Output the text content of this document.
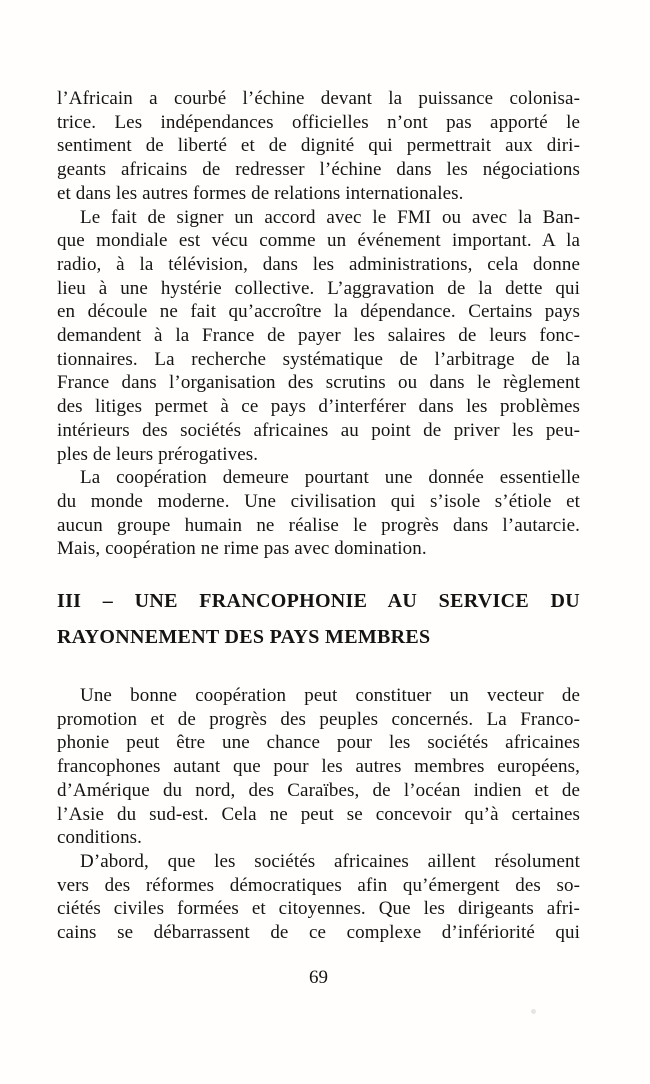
l’Africain a courbé l’échine devant la puissance colonisa-
trice. Les indépendances officielles n’ont pas apporté le
sentiment de liberté et de dignité qui permettrait aux diri-
geants africains de redresser l’échine dans les négociations
et dans les autres formes de relations internationales.

Le fait de signer un accord avec le FMI ou avec la Ban-
que mondiale est vécu comme un événement important. A la
radio, à la télévision, dans les administrations, cela donne
lieu à une hystérie collective. L’aggravation de la dette qui
en découle ne fait qu’accroître la dépendance. Certains pays
demandent à la France de payer les salaires de leurs fonc-
tionnaires. La recherche systématique de l’arbitrage de la
France dans l’organisation des scrutins ou dans le règlement
des litiges permet à ce pays d’interférer dans les problèmes
intérieurs des sociétés africaines au point de priver les peu-
ples de leurs prérogatives.

La coopération demeure pourtant une donnée essentielle
du monde moderne. Une civilisation qui s’isole s’étiole et
aucun groupe humain ne réalise le progrès dans l’autarcie.
Mais, coopération ne rime pas avec domination.

III – UNE FRANCOPHONIE AU SERVICE DU
RAYONNEMENT DES PAYS MEMBRES

Une bonne coopération peut constituer un vecteur de
promotion et de progrès des peuples concernés. La Franco-
phonie peut être une chance pour les sociétés africaines
francophones autant que pour les autres membres européens,
d’Amérique du nord, des Caraïbes, de l’océan indien et de
l’Asie du sud-est. Cela ne peut se concevoir qu’à certaines
conditions.

D’abord, que les sociétés africaines aillent résolument
vers des réformes démocratiques afin qu’émergent des so-
ciétés civiles formées et citoyennes. Que les dirigeants afri-
cains se débarrassent de ce complexe d’infériorité qui

69
